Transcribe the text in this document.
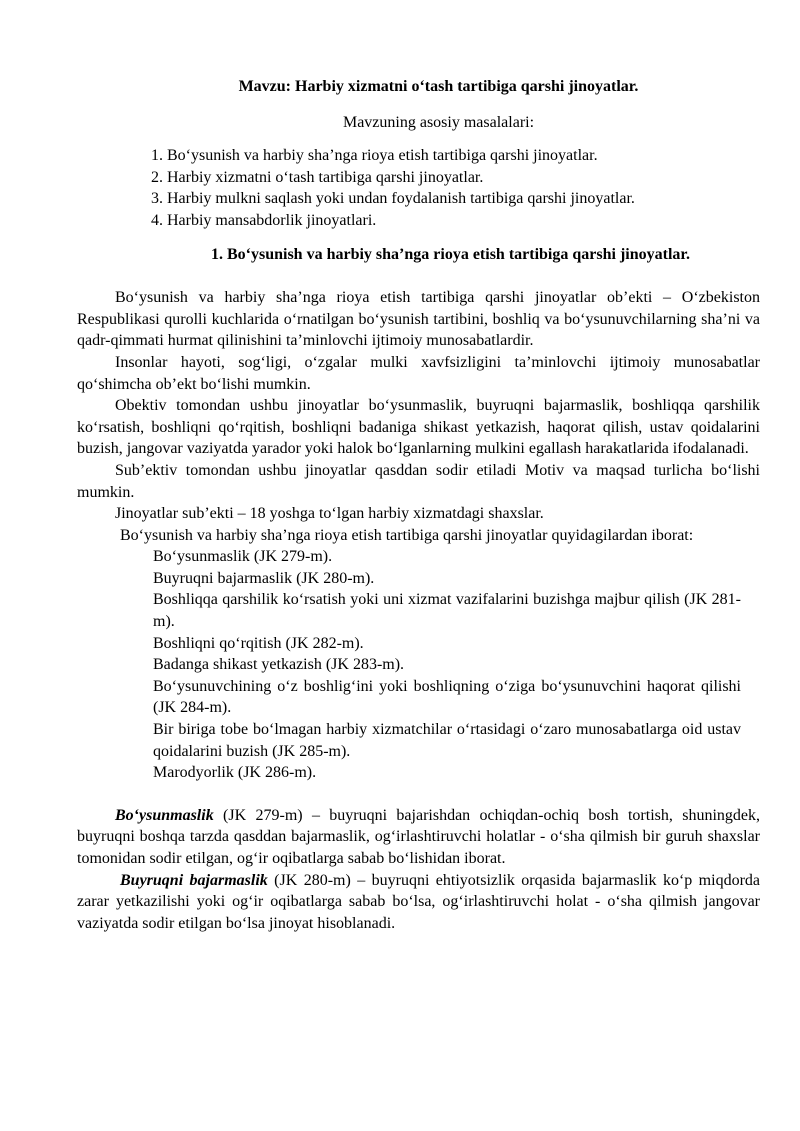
Mavzu: Harbiy xizmatni o‘tash tartibiga qarshi jinoyatlar.

Mavzuning asosiy masalalari:

1. Bo‘ysunish va harbiy sha’nga rioya etish tartibiga qarshi jinoyatlar.
2. Harbiy xizmatni o‘tash tartibiga qarshi jinoyatlar.
3. Harbiy mulkni saqlash yoki undan foydalanish tartibiga qarshi jinoyatlar.
4. Harbiy mansabdorlik jinoyatlari.

1. Bo‘ysunish va harbiy sha’nga rioya etish tartibiga qarshi jinoyatlar.

Bo‘ysunish va harbiy sha’nga rioya etish tartibiga qarshi jinoyatlar ob’ekti – O‘zbekiston Respublikasi qurolli kuchlarida o‘rnatilgan bo‘ysunish tartibini, boshliq va bo‘ysunuvchilarning sha’ni va qadr-qimmati hurmat qilinishini ta’minlovchi ijtimoiy munosabatlardir.

Insonlar hayoti, sog‘ligi, o‘zgalar mulki xavfsizligini ta’minlovchi ijtimoiy munosabatlar qo‘shimcha ob’ekt bo‘lishi mumkin.

Obektiv tomondan ushbu jinoyatlar bo‘ysunmaslik, buyruqni bajarmaslik, boshliqqa qarshilik ko‘rsatish, boshliqni qo‘rqitish, boshliqni badaniga shikast yetkazish, haqorat qilish, ustav qoidalarini buzish, jangovar vaziyatda yarador yoki halok bo‘lganlarning mulkini egallash harakatlarida ifodalanadi.

Sub’ektiv tomondan ushbu jinoyatlar qasddan sodir etiladi Motiv va maqsad turlicha bo‘lishi mumkin.

Jinoyatlar sub’ekti – 18 yoshga to‘lgan harbiy xizmatdagi shaxslar.

Bo‘ysunish va harbiy sha’nga rioya etish tartibiga qarshi jinoyatlar quyidagilardan iborat:

Bo‘ysunmaslik (JK 279-m).
Buyruqni bajarmaslik (JK 280-m).
Boshliqqa qarshilik ko‘rsatish yoki uni xizmat vazifalarini buzishga majbur qilish (JK 281-m).
Boshliqni qo‘rqitish (JK 282-m).
Badanga shikast yetkazish (JK 283-m).
Bo‘ysunuvchining o‘z boshlig‘ini yoki boshliqning o‘ziga bo‘ysunuvchini haqorat qilishi (JK 284-m).
Bir biriga tobe bo‘lmagan harbiy xizmatchilar o‘rtasidagi o‘zaro munosabatlarga oid ustav qoidalarini buzish (JK 285-m).
Marodyorlik (JK 286-m).

Bo‘ysunmaslik (JK 279-m) – buyruqni bajarishdan ochiqdan-ochiq bosh tortish, shuningdek, buyruqni boshqa tarzda qasddan bajarmaslik, og‘irlashtiruvchi holatlar - o‘sha qilmish bir guruh shaxslar tomonidan sodir etilgan, og‘ir oqibatlarga sabab bo‘lishidan iborat.

Buyruqni bajarmaslik (JK 280-m) – buyruqni ehtiyotsizlik orqasida bajarmaslik ko‘p miqdorda zarar yetkazilishi yoki og‘ir oqibatlarga sabab bo‘lsa, og‘irlashtiruvchi holat - o‘sha qilmish jangovar vaziyatda sodir etilgan bo‘lsa jinoyat hisoblanadi.
